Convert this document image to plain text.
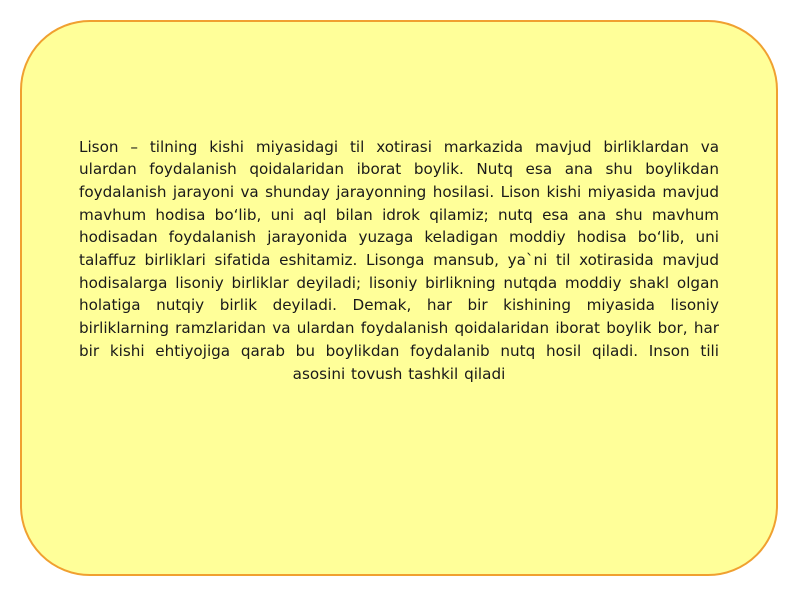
Lison – tilning kishi miyasidagi til xotirasi markazida mavjud birliklardan va ulardan foydalanish qoidalaridan iborat boylik. Nutq esa ana shu boylikdan foydalanish jarayoni va shunday jarayonning hosilasi. Lison kishi miyasida mavjud mavhum hodisa bo‘lib, uni aql bilan idrok qilamiz; nutq esa ana shu mavhum hodisadan foydalanish jarayonida yuzaga keladigan moddiy hodisa bo‘lib, uni talaffuz birliklari sifatida eshitamiz. Lisonga mansub, ya`ni til xotirasida mavjud hodisalarga lisoniy birliklar deyiladi; lisoniy birlikning nutqda moddiy shakl olgan holatiga nutqiy birlik deyiladi. Demak, har bir kishining miyasida lisoniy birliklarning ramzlaridan va ulardan foydalanish qoidalaridan iborat boylik bor, har bir kishi ehtiyojiga qarab bu boylikdan foydalanib nutq hosil qiladi. Inson tili asosini tovush tashkil qiladi
